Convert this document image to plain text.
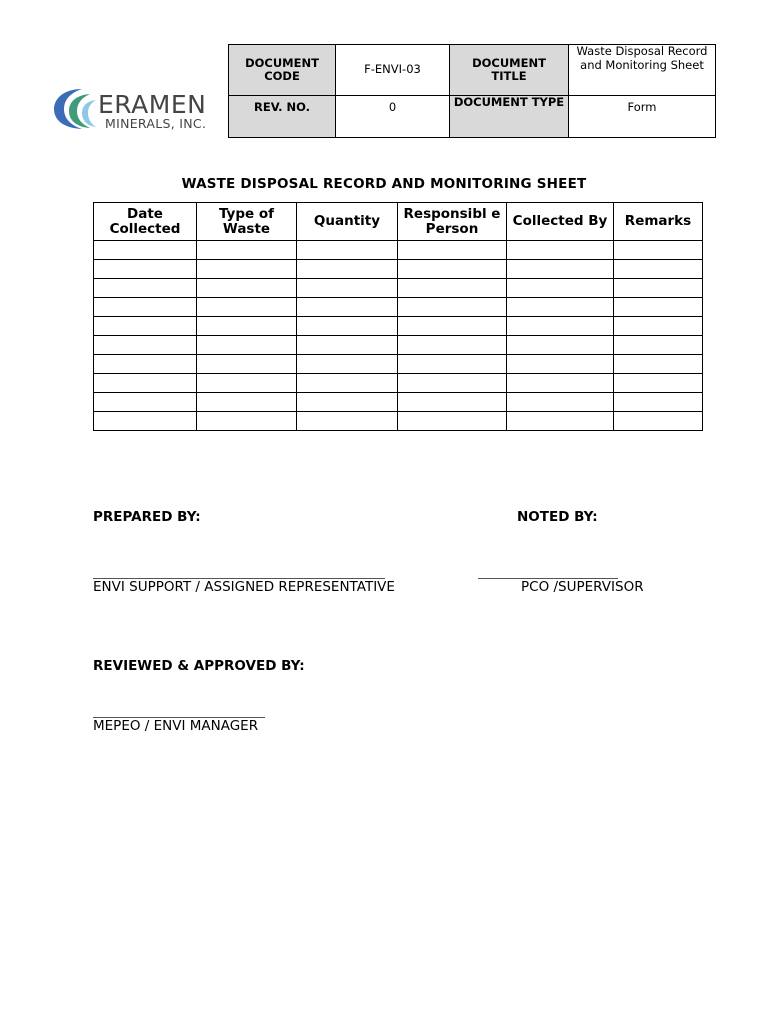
ERAMEN
MINERALS, INC.
DOCUMENT CODE	F-ENVI-03	DOCUMENT TITLE	Waste Disposal Record and Monitoring Sheet
REV. NO.	0	DOCUMENT TYPE	Form
WASTE DISPOSAL RECORD AND MONITORING SHEET
Date Collected	Type of Waste	Quantity	Responsibl e Person	Collected By	Remarks

PREPARED BY:	NOTED BY:
ENVI SUPPORT / ASSIGNED REPRESENTATIVE	PCO /SUPERVISOR
REVIEWED & APPROVED BY:
MEPEO / ENVI MANAGER
